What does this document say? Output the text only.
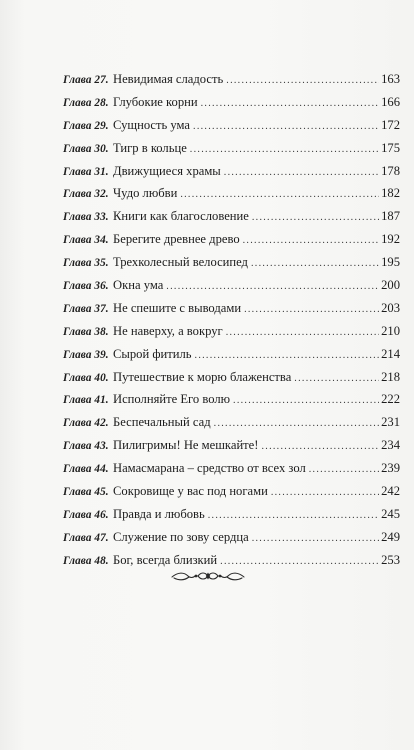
Глава 27. Невидимая сладость . . .	163
Глава 28. Глубокие корни . . .	166
Глава 29. Сущность ума . . .	172
Глава 30. Тигр в кольце . . .	175
Глава 31. Движущиеся храмы . . .	178
Глава 32. Чудо любви . . .	182
Глава 33. Книги как благословение . . .	187
Глава 34. Берегите древнее древо . . .	192
Глава 35. Трехколесный велосипед . . .	195
Глава 36. Окна ума . . .	200
Глава 37. Не спешите с выводами . . .	203
Глава 38. Не наверху, а вокруг . . .	210
Глава 39. Сырой фитиль . . .	214
Глава 40. Путешествие к морю блаженства . . .	218
Глава 41. Исполняйте Его волю . . .	222
Глава 42. Беспечальный сад . . .	231
Глава 43. Пилигримы! Не мешкайте! . . .	234
Глава 44. Намасмарана – средство от всех зол . . .	239
Глава 45. Сокровище у вас под ногами . . .	242
Глава 46. Правда и любовь . . .	245
Глава 47. Служение по зову сердца . . .	249
Глава 48. Бог, всегда близкий . . .	253
